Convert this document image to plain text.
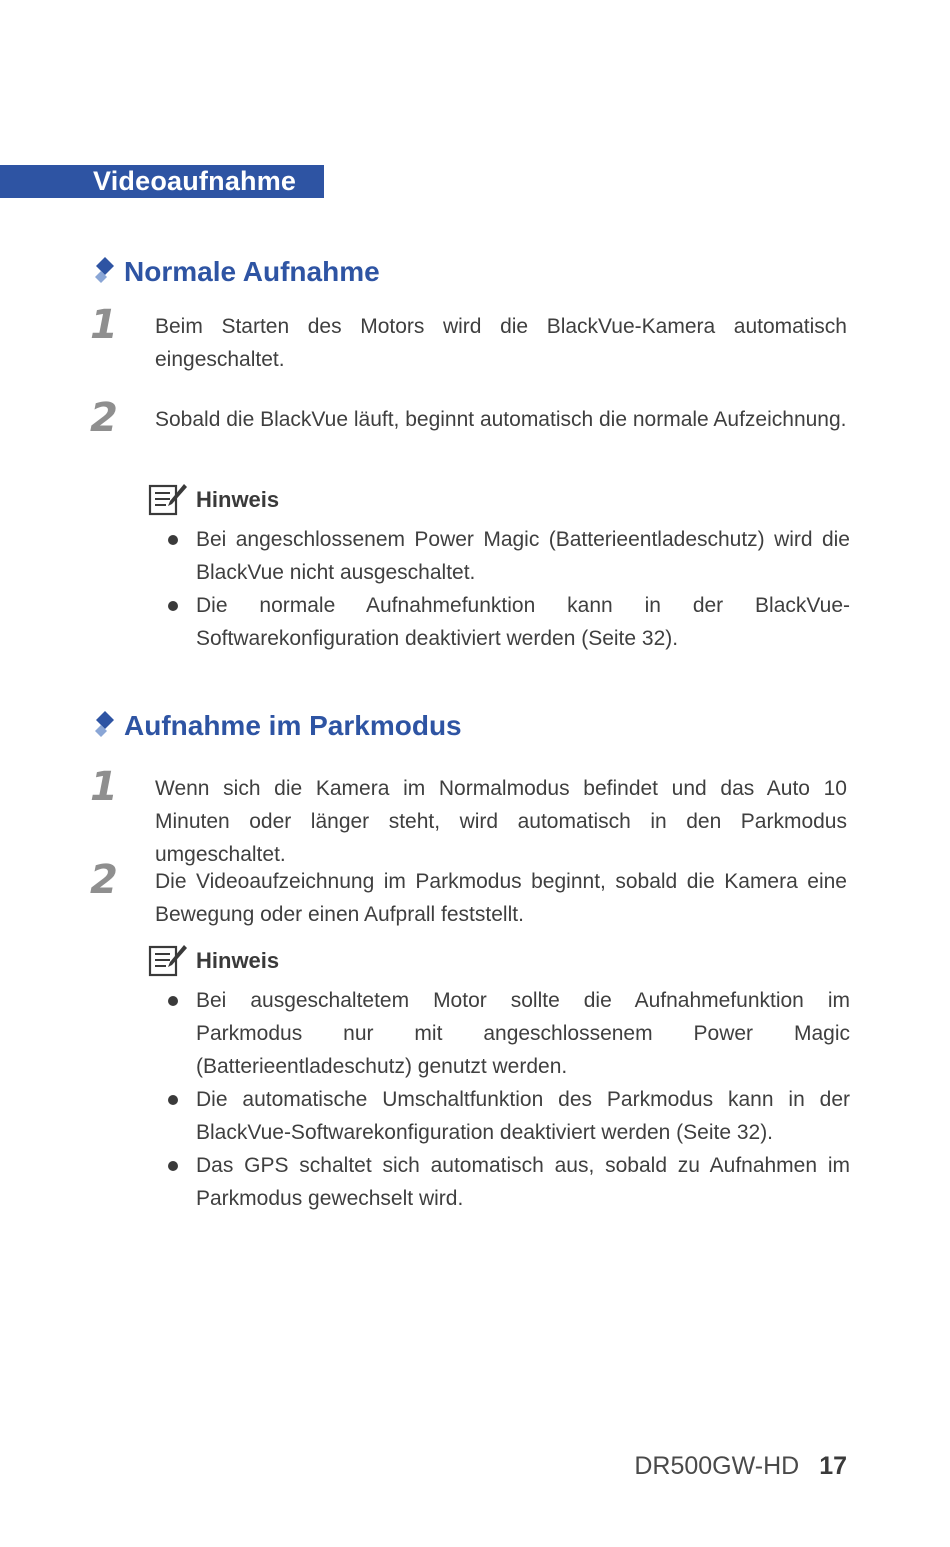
Videoaufnahme
Normale Aufnahme
1	Beim Starten des Motors wird die BlackVue-Kamera automatisch eingeschaltet.
2	Sobald die BlackVue läuft, beginnt automatisch die normale Aufzeichnung.
Hinweis
Bei angeschlossenem Power Magic (Batterieentladeschutz) wird die BlackVue nicht ausgeschaltet.
Die normale Aufnahmefunktion kann in der BlackVue-Softwarekonfiguration deaktiviert werden (Seite 32).
Aufnahme im Parkmodus
1	Wenn sich die Kamera im Normalmodus befindet und das Auto 10 Minuten oder länger steht, wird automatisch in den Parkmodus umgeschaltet.
2	Die Videoaufzeichnung im Parkmodus beginnt, sobald die Kamera eine Bewegung oder einen Aufprall feststellt.
Hinweis
Bei ausgeschaltetem Motor sollte die Aufnahmefunktion im Parkmodus nur mit angeschlossenem Power Magic (Batterieentladeschutz) genutzt werden.
Die automatische Umschaltfunktion des Parkmodus kann in der BlackVue-Softwarekonfiguration deaktiviert werden (Seite 32).
Das GPS schaltet sich automatisch aus, sobald zu Aufnahmen im Parkmodus gewechselt wird.
DR500GW-HD 17
